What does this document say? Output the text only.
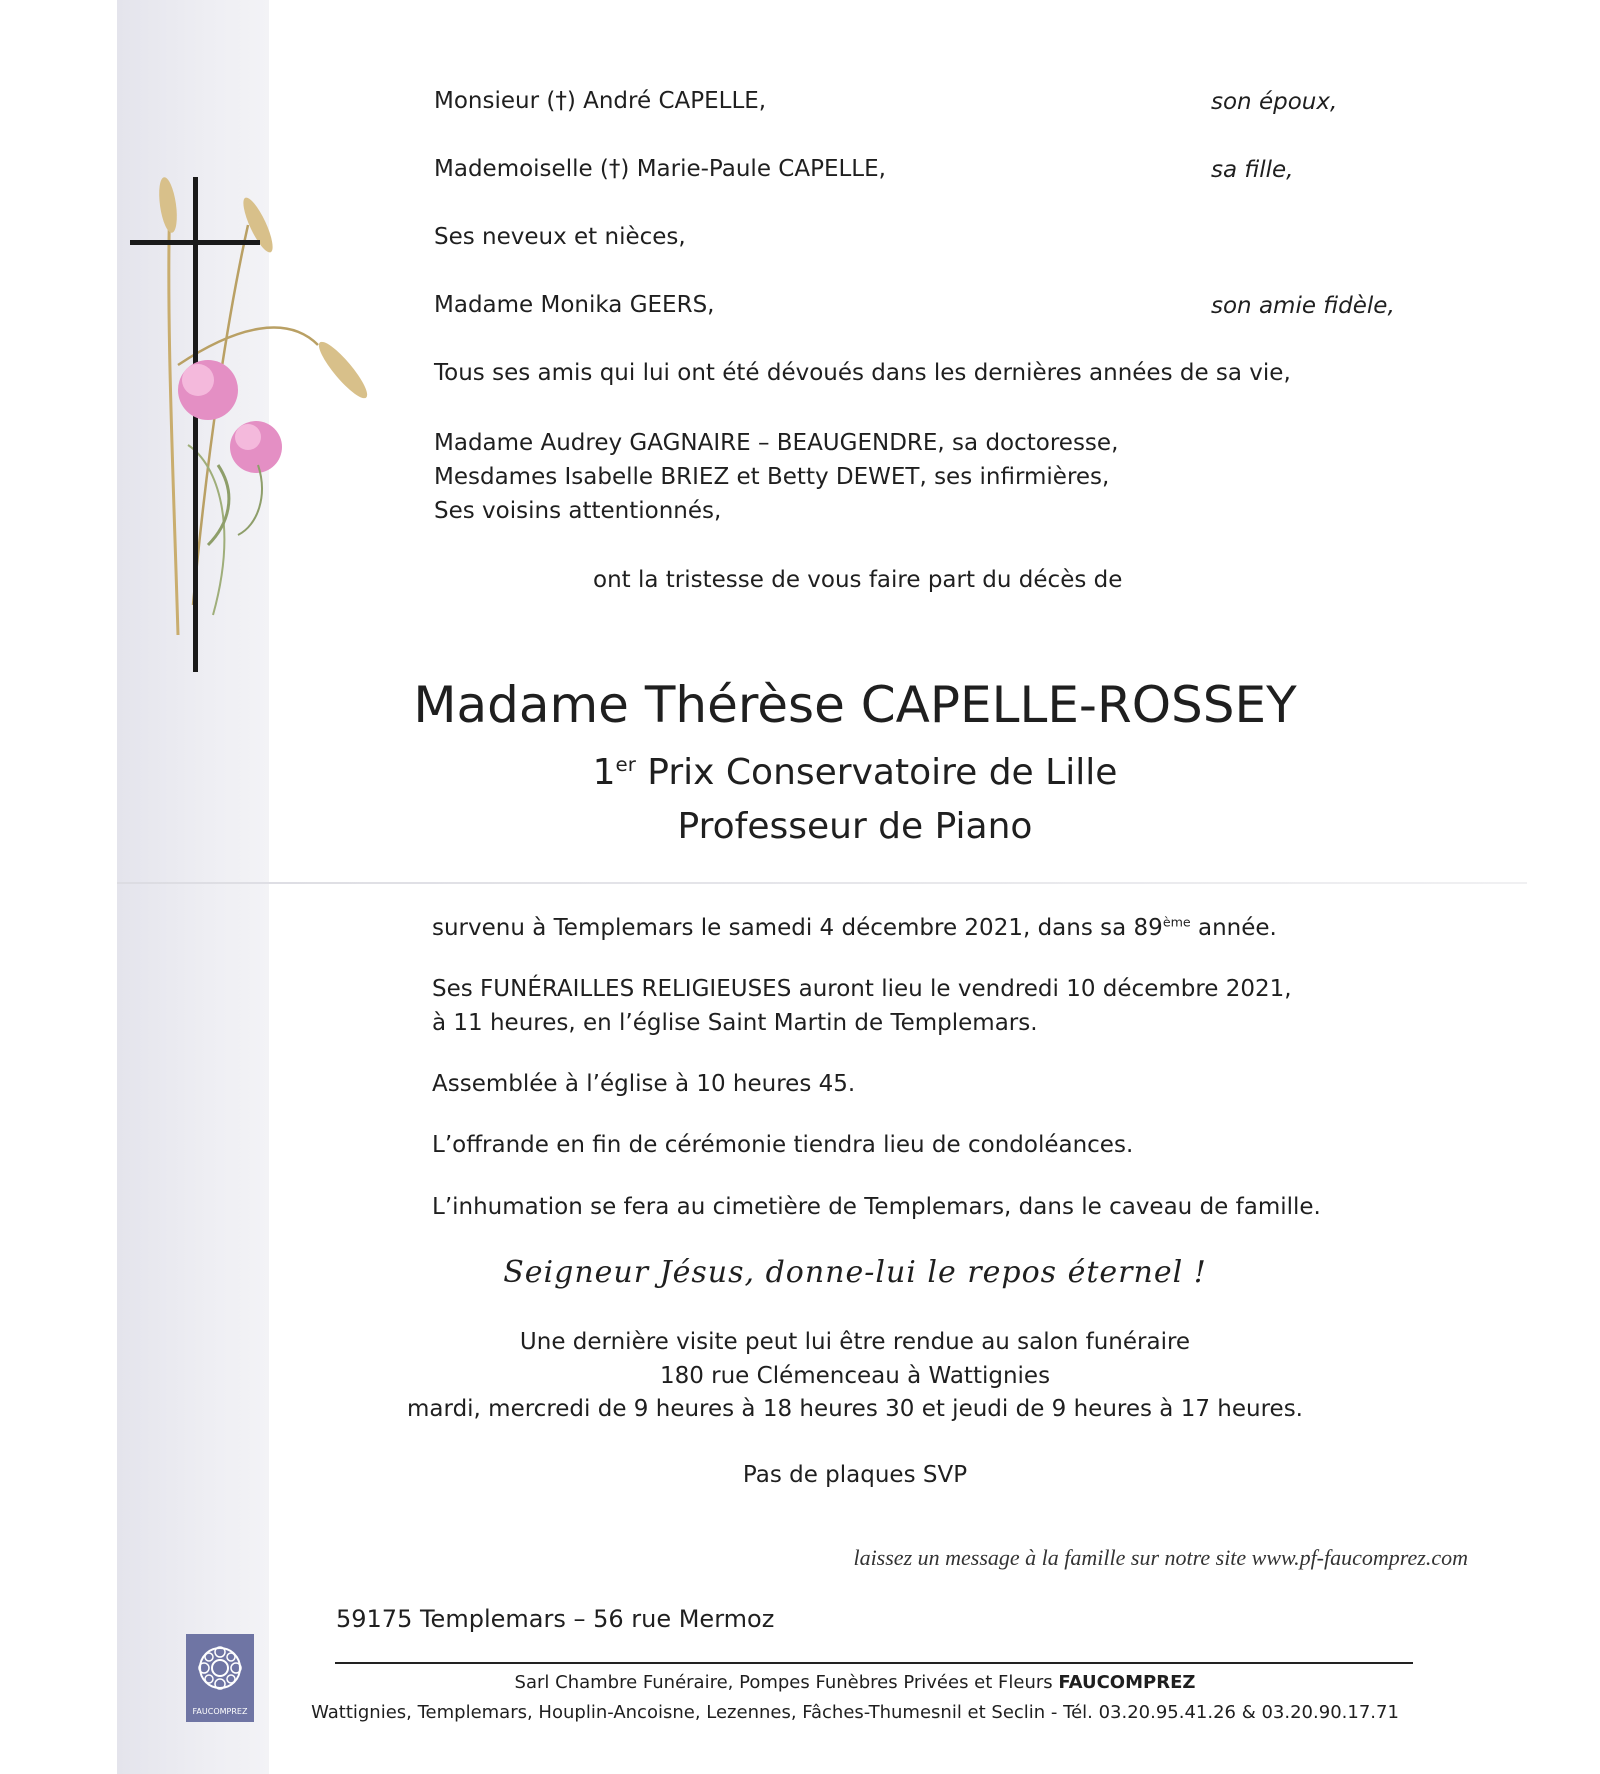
Monsieur (†) André CAPELLE,	son époux,
Mademoiselle (†) Marie-Paule CAPELLE,	sa fille,
Ses neveux et nièces,
Madame Monika GEERS,	son amie fidèle,
Tous ses amis qui lui ont été dévoués dans les dernières années de sa vie,
Madame Audrey GAGNAIRE – BEAUGENDRE, sa doctoresse,
Mesdames Isabelle BRIEZ et Betty DEWET, ses infirmières,
Ses voisins attentionnés,
ont la tristesse de vous faire part du décès de
Madame Thérèse CAPELLE-ROSSEY
1er Prix Conservatoire de Lille
Professeur de Piano
survenu à Templemars le samedi 4 décembre 2021, dans sa 89ème année.
Ses FUNÉRAILLES RELIGIEUSES auront lieu le vendredi 10 décembre 2021,
à 11 heures, en l’église Saint Martin de Templemars.
Assemblée à l’église à 10 heures 45.
L’offrande en fin de cérémonie tiendra lieu de condoléances.
L’inhumation se fera au cimetière de Templemars, dans le caveau de famille.
Seigneur Jésus, donne-lui le repos éternel !
Une dernière visite peut lui être rendue au salon funéraire
180 rue Clémenceau à Wattignies
mardi, mercredi de 9 heures à 18 heures 30 et jeudi de 9 heures à 17 heures.
Pas de plaques SVP
laissez un message à la famille sur notre site www.pf-faucomprez.com
59175 Templemars – 56 rue Mermoz
FAUCOMPREZ
Sarl Chambre Funéraire, Pompes Funèbres Privées et Fleurs FAUCOMPREZ
Wattignies, Templemars, Houplin-Ancoisne, Lezennes, Fâches-Thumesnil et Seclin - Tél. 03.20.95.41.26 & 03.20.90.17.71
